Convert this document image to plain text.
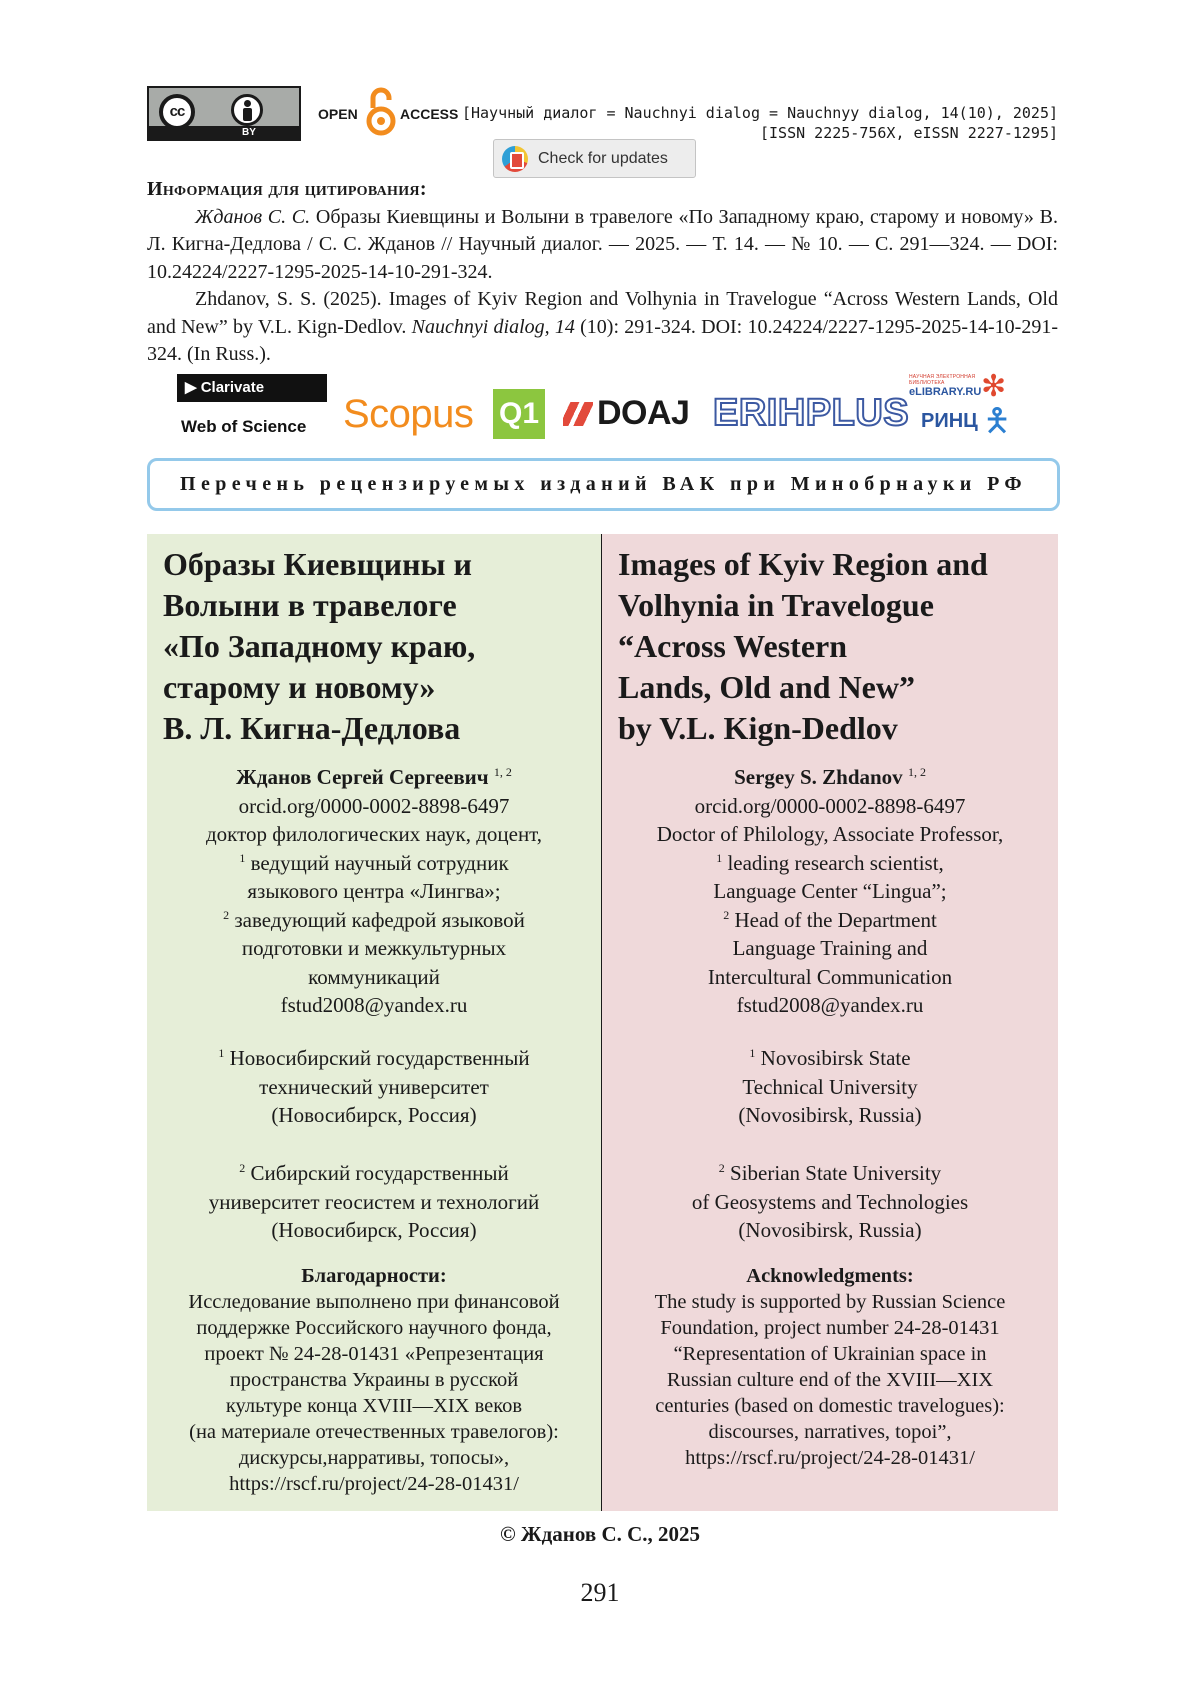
cc
BY
OPEN	ACCESS [Научный диалог = Nauchnyi dialog = Nauchnyy dialog, 14(10), 2025]
[ISSN 2225-756X, eISSN 2227-1295]
Check for updates
Информация для цитирования:

Жданов С. С. Образы Киевщины и Волыни в травелоге «По Западному краю, старому и новому» В. Л. Кигна-Дедлова / С. С. Жданов // Научный диалог. — 2025. — Т. 14. — № 10. — С. 291—324. — DOI: 10.24224/2227-1295-2025-14-10-291-324.

Zhdanov, S. S. (2025). Images of Kyiv Region and Volhynia in Travelogue “Across Western Lands, Old and New” by V.L. Kign-Dedlov. Nauchnyi dialog, 14 (10): 291-324. DOI: 10.24224/2227-1295-2025-14-10-291-324. (In Russ.).

▶ Clarivate
Web of Science Scopus Q1	DOAJ ERIHPLUS
НАУЧНАЯ ЭЛЕКТРОННАЯ БИБЛИОТЕКА
eLIBRARY.RU
РИНЦ
✻
🯅
Перечень рецензируемых изданий ВАК при Минобрнауки РФ
Образы Киевщины и
Волыни в травелоге
«По Западному краю,
старому и новому»
В. Л. Кигна-Дедлова
Жданов Сергей Сергеевич $^{1, 2}$
orcid.org/0000-0002-8898-6497
доктор филологических наук, доцент,
$^1$ ведущий научный сотрудник
языкового центра «Лингва»;
$^2$ заведующий кафедрой языковой
подготовки и межкультурных
коммуникаций
fstud2008@yandex.ru
$^1$ Новосибирский государственный
технический университет
(Новосибирск, Россия)
$^2$ Сибирский государственный
университет геосистем и технологий
(Новосибирск, Россия)
Благодарности:
Исследование выполнено при финансовой
поддержке Российского научного фонда,
проект № 24-28-01431 «Репрезентация
пространства Украины в русской
культуре конца XVIII—XIX веков
(на материале отечественных травелогов):
дискурсы,нарративы, топосы»,
https://rscf.ru/project/24-28-01431/
Images of Kyiv Region and
Volhynia in Travelogue
“Across Western
Lands, Old and New”
by V.L. Kign-Dedlov
Sergey S. Zhdanov $^{1, 2}$
orcid.org/0000-0002-8898-6497
Doctor of Philology, Associate Professor,
$^1$ leading research scientist,
Language Center “Lingua”;
$^2$ Head of the Department
Language Training and
Intercultural Communication
fstud2008@yandex.ru
$^1$ Novosibirsk State
Technical University
(Novosibirsk, Russia)
$^2$ Siberian State University
of Geosystems and Technologies
(Novosibirsk, Russia)
Acknowledgments:
The study is supported by Russian Science
Foundation, project number 24-28-01431
“Representation of Ukrainian space in
Russian culture end of the XVIII—XIX
centuries (based on domestic travelogues):
discourses, narratives, topoi”,
https://rscf.ru/project/24-28-01431/
© Жданов С. С., 2025
291
